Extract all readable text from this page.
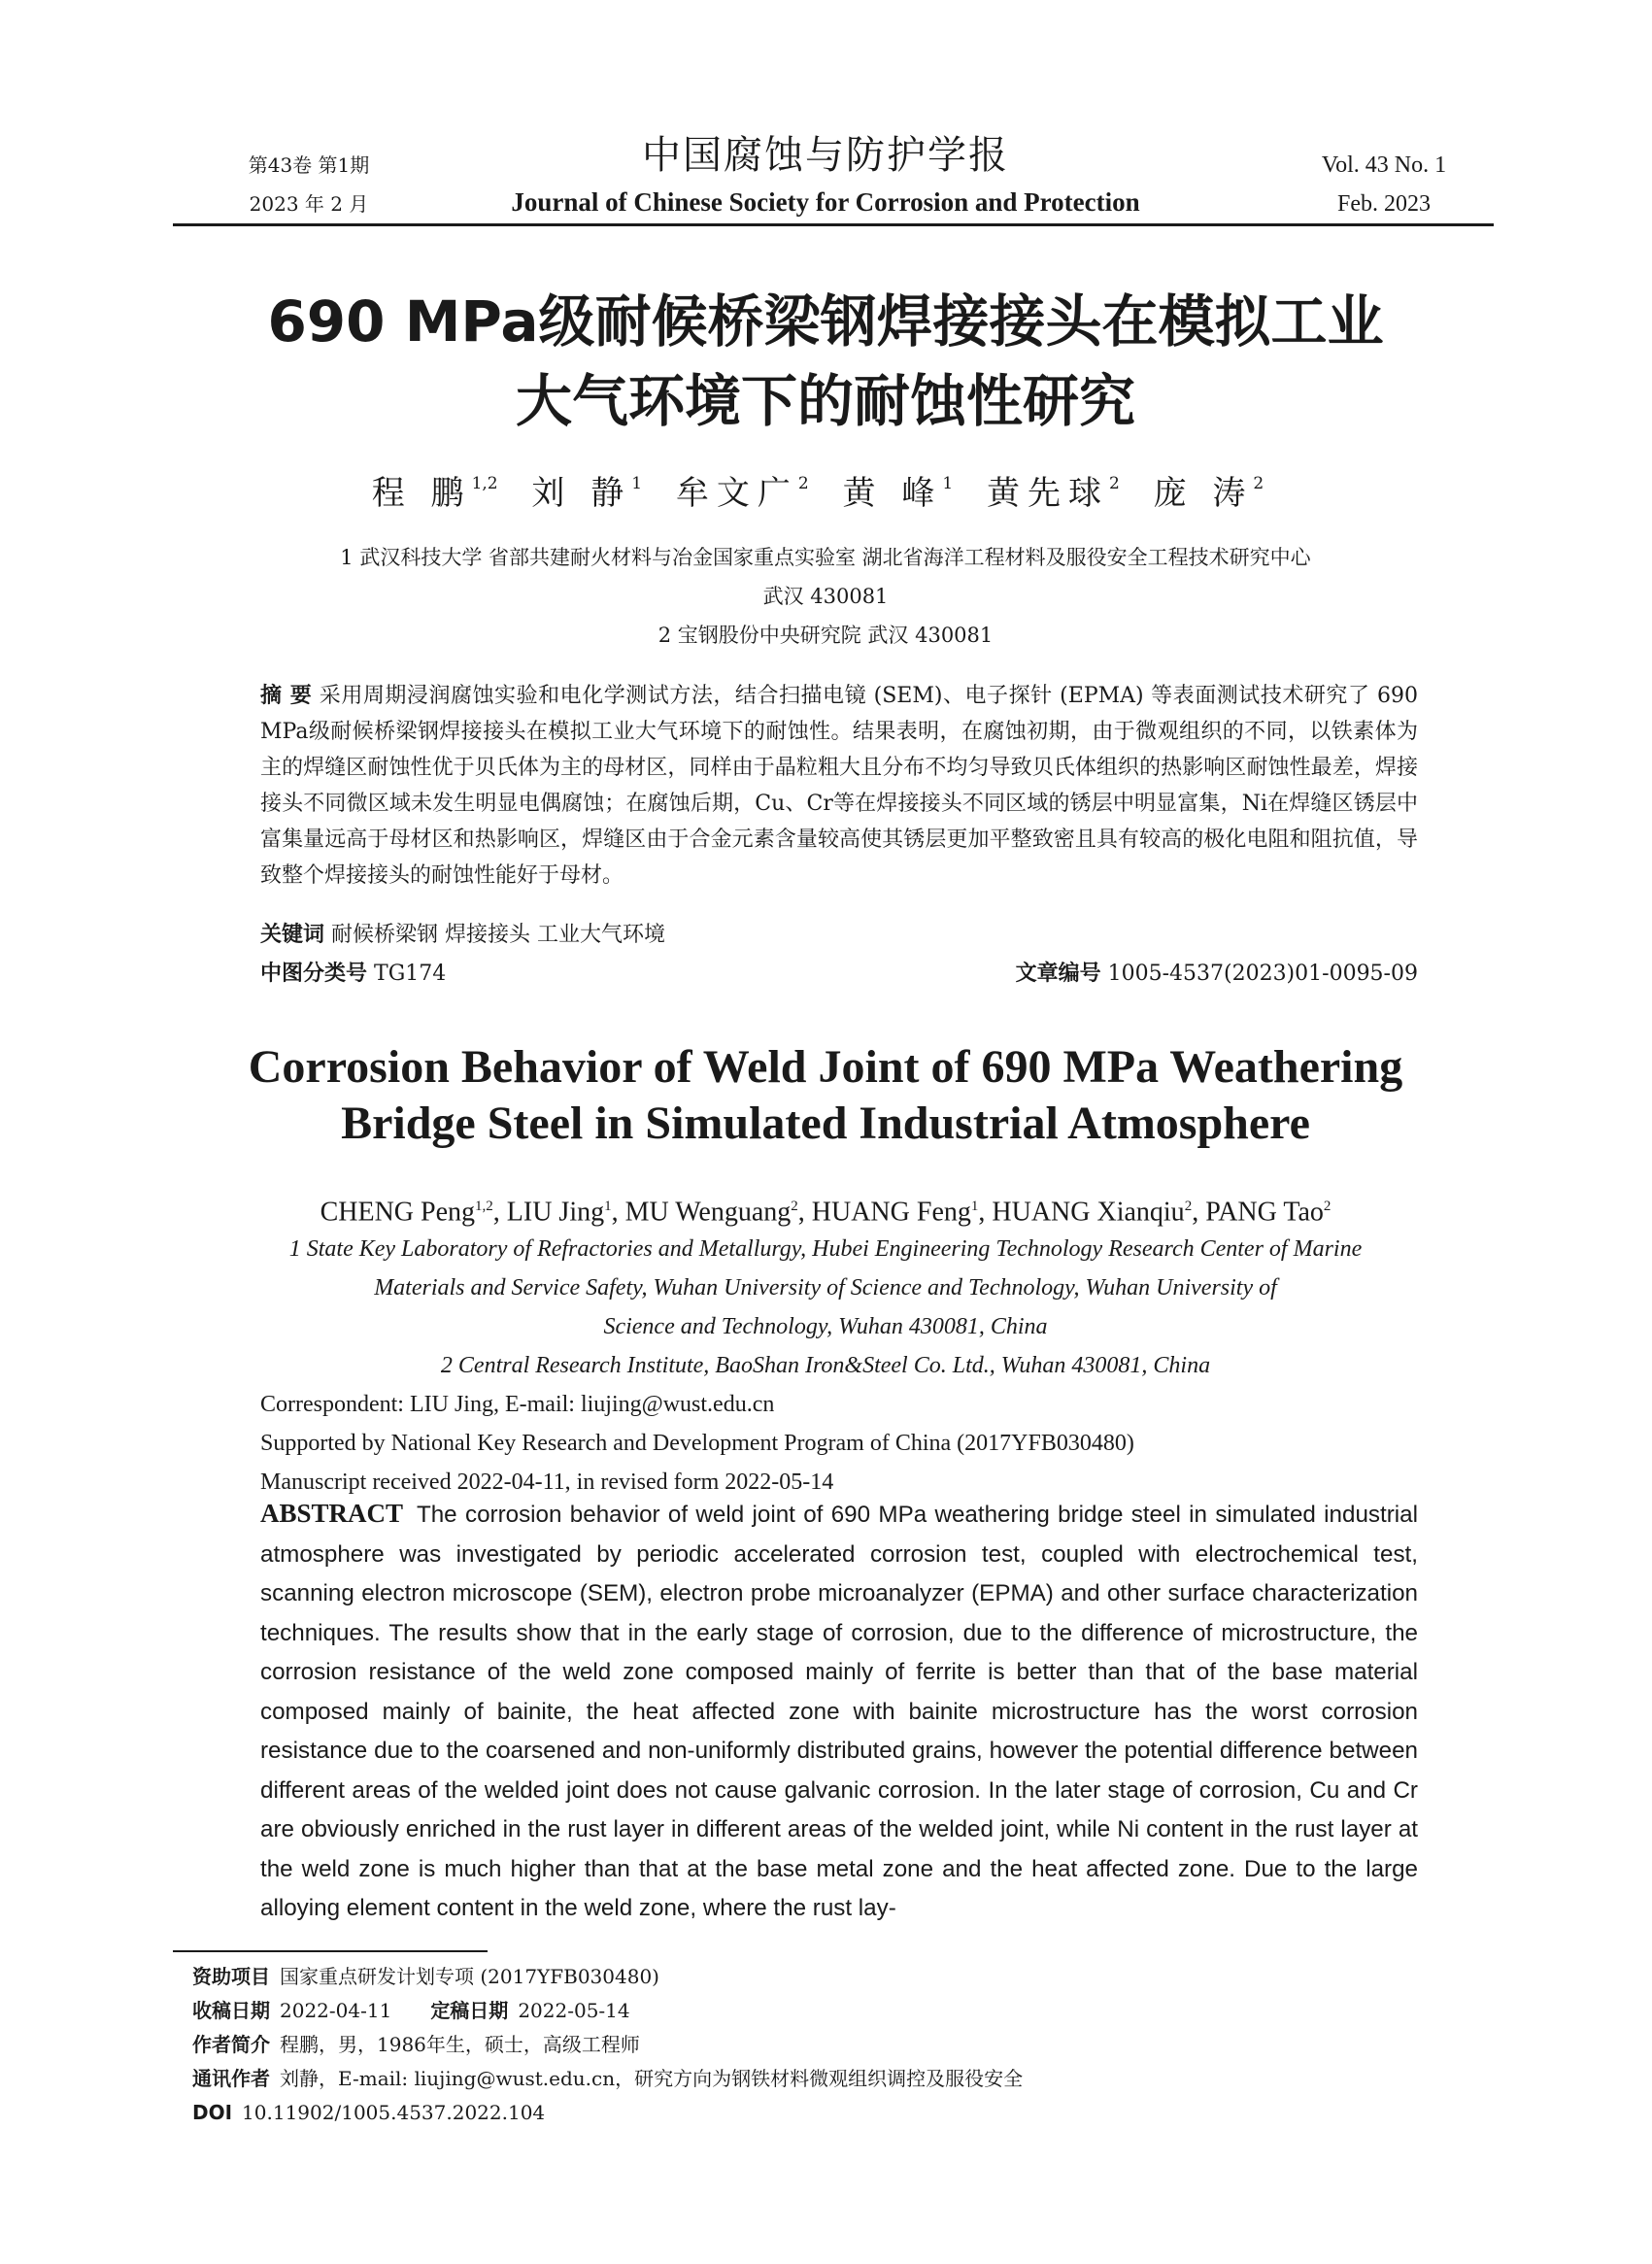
第43卷 第1期
2023 年 2 月
中国腐蚀与防护学报
Journal of Chinese Society for Corrosion and Protection
Vol. 43 No. 1
Feb. 2023
690 MPa级耐候桥梁钢焊接接头在模拟工业
大气环境下的耐蚀性研究
程 鹏$^{1,2}$ 刘 静$^1$ 牟文广$^2$ 黄 峰$^1$ 黄先球$^2$ 庞 涛$^2$
1 武汉科技大学 省部共建耐火材料与冶金国家重点实验室 湖北省海洋工程材料及服役安全工程技术研究中心
武汉 430081
2 宝钢股份中央研究院 武汉 430081
摘 要 采用周期浸润腐蚀实验和电化学测试方法，结合扫描电镜 (SEM)、电子探针 (EPMA) 等表面测试技术研究了 690 MPa级耐候桥梁钢焊接接头在模拟工业大气环境下的耐蚀性。结果表明，在腐蚀初期，由于微观组织的不同，以铁素体为主的焊缝区耐蚀性优于贝氏体为主的母材区，同样由于晶粒粗大且分布不均匀导致贝氏体组织的热影响区耐蚀性最差，焊接接头不同微区域未发生明显电偶腐蚀；在腐蚀后期，Cu、Cr等在焊接接头不同区域的锈层中明显富集，Ni在焊缝区锈层中富集量远高于母材区和热影响区，焊缝区由于合金元素含量较高使其锈层更加平整致密且具有较高的极化电阻和阻抗值，导致整个焊接接头的耐蚀性能好于母材。
关键词 耐候桥梁钢 焊接接头 工业大气环境
中图分类号 TG174	文章编号 1005-4537(2023)01-0095-09
Corrosion Behavior of Weld Joint of 690 MPa Weathering
Bridge Steel in Simulated Industrial Atmosphere
CHENG Peng$^{1,2}$, LIU Jing$^1$, MU Wenguang$^2$, HUANG Feng$^1$, HUANG Xianqiu$^2$, PANG Tao$^2$
1 State Key Laboratory of Refractories and Metallurgy, Hubei Engineering Technology Research Center of Marine
Materials and Service Safety, Wuhan University of Science and Technology, Wuhan University of
Science and Technology, Wuhan 430081, China
2 Central Research Institute, BaoShan Iron&Steel Co. Ltd., Wuhan 430081, China
Correspondent: LIU Jing, E-mail: liujing@wust.edu.cn
Supported by National Key Research and Development Program of China (2017YFB030480)
Manuscript received 2022-04-11, in revised form 2022-05-14
ABSTRACT The corrosion behavior of weld joint of 690 MPa weathering bridge steel in simulated industrial atmosphere was investigated by periodic accelerated corrosion test, coupled with electrochemical test, scanning electron microscope (SEM), electron probe microanalyzer (EPMA) and other surface characterization techniques. The results show that in the early stage of corrosion, due to the difference of microstructure, the corrosion resistance of the weld zone composed mainly of ferrite is better than that of the base material composed mainly of bainite, the heat affected zone with bainite microstructure has the worst corrosion resistance due to the coarsened and non-uniformly distributed grains, however the potential difference between different areas of the welded joint does not cause galvanic corrosion. In the later stage of corrosion, Cu and Cr are obviously enriched in the rust layer in different areas of the welded joint, while Ni content in the rust layer at the weld zone is much higher than that at the base metal zone and the heat affected zone. Due to the large alloying element content in the weld zone, where the rust lay-
资助项目 国家重点研发计划专项 (2017YFB030480)
收稿日期 2022-04-11 定稿日期 2022-05-14
作者简介 程鹏，男，1986年生，硕士，高级工程师
通讯作者 刘静，E-mail: liujing@wust.edu.cn，研究方向为钢铁材料微观组织调控及服役安全
DOI 10.11902/1005.4537.2022.104
